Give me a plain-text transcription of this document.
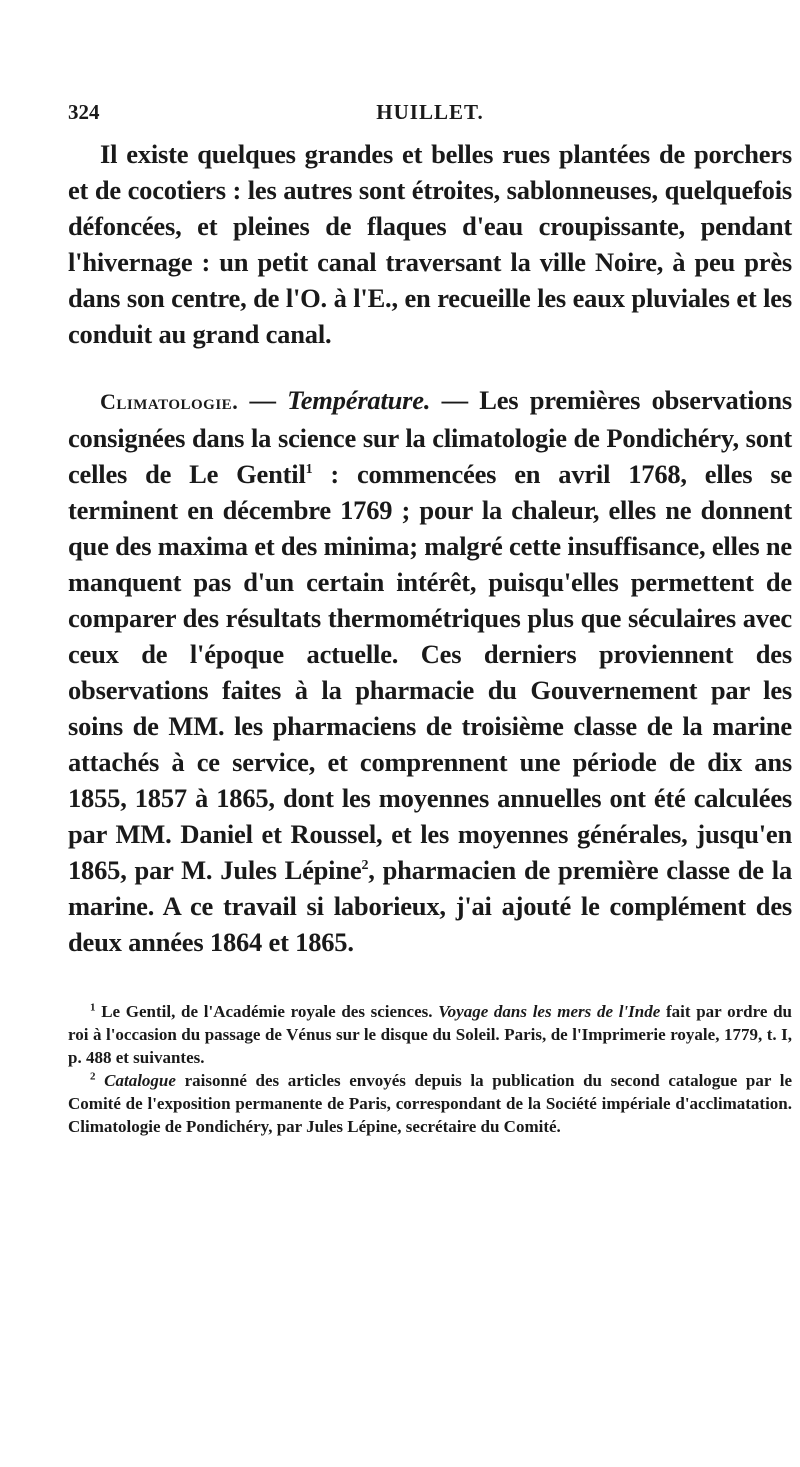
324	HUILLET.

Il existe quelques grandes et belles rues plantées de porchers et de cocotiers : les autres sont étroites, sablonneuses, quelquefois défoncées, et pleines de flaques d'eau croupissante, pendant l'hivernage : un petit canal traversant la ville Noire, à peu près dans son centre, de l'O. à l'E., en recueille les eaux pluviales et les conduit au grand canal.

Climatologie. — Température. — Les premières observations consignées dans la science sur la climatologie de Pondichéry, sont celles de Le Gentil$^1$ : commencées en avril 1768, elles se terminent en décembre 1769 ; pour la chaleur, elles ne donnent que des maxima et des minima; malgré cette insuffisance, elles ne manquent pas d'un certain intérêt, puisqu'elles permettent de comparer des résultats thermométriques plus que séculaires avec ceux de l'époque actuelle. Ces derniers proviennent des observations faites à la pharmacie du Gouvernement par les soins de MM. les pharmaciens de troisième classe de la marine attachés à ce service, et comprennent une période de dix ans 1855, 1857 à 1865, dont les moyennes annuelles ont été calculées par MM. Daniel et Roussel, et les moyennes générales, jusqu'en 1865, par M. Jules Lépine$^2$, pharmacien de première classe de la marine. A ce travail si laborieux, j'ai ajouté le complément des deux années 1864 et 1865.

$^1$ Le Gentil, de l'Académie royale des sciences. Voyage dans les mers de l'Inde fait par ordre du roi à l'occasion du passage de Vénus sur le disque du Soleil. Paris, de l'Imprimerie royale, 1779, t. I, p. 488 et suivantes.

$^2$ Catalogue raisonné des articles envoyés depuis la publication du second catalogue par le Comité de l'exposition permanente de Paris, correspondant de la Société impériale d'acclimatation. Climatologie de Pondichéry, par Jules Lépine, secrétaire du Comité.
